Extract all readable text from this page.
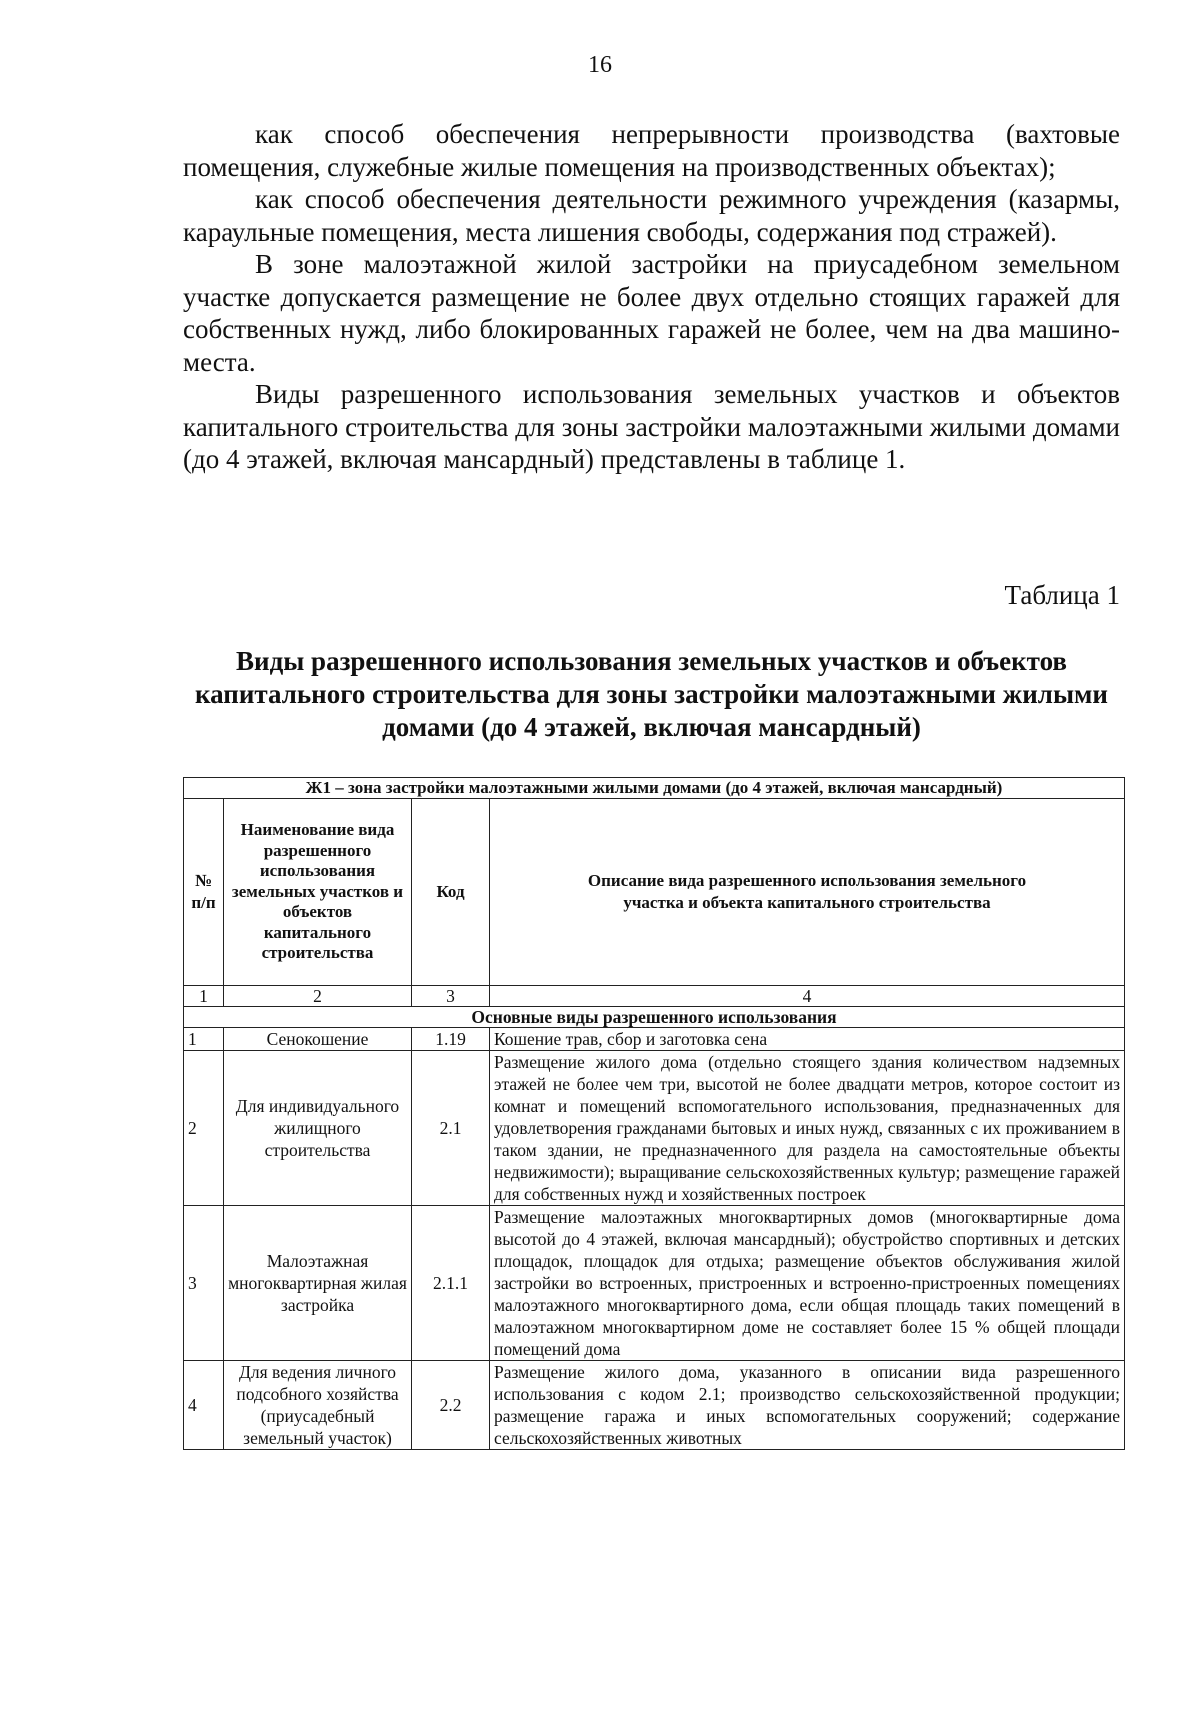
16

как способ обеспечения непрерывности производства (вахтовые помещения, служебные жилые помещения на производственных объектах);

как способ обеспечения деятельности режимного учреждения (казармы, караульные помещения, места лишения свободы, содержания под стражей).

В зоне малоэтажной жилой застройки на приусадебном земельном участке допускается размещение не более двух отдельно стоящих гаражей для собственных нужд, либо блокированных гаражей не более, чем на два машино-места.

Виды разрешенного использования земельных участков и объектов капитального строительства для зоны застройки малоэтажными жилыми домами (до 4 этажей, включая мансардный) представлены в таблице 1.

Таблица 1
Виды разрешенного использования земельных участков и объектов капитального строительства для зоны застройки малоэтажными жилыми домами (до 4 этажей, включая мансардный)
Ж1 – зона застройки малоэтажными жилыми домами (до 4 этажей, включая мансардный)			
№ п/п	Наименование вида разрешенного использования земельных участков и объектов капитального строительства	Код	Описание вида разрешенного использования земельного участка и объекта капитального строительства
1	2	3	4
Основные виды разрешенного использования			
1	Сенокошение	1.19	Кошение трав, сбор и заготовка сена
2	Для индивидуального жилищного строительства	2.1	Размещение жилого дома (отдельно стоящего здания количеством надземных этажей не более чем три, высотой не более двадцати метров, которое состоит из комнат и помещений вспомогательного использования, предназначенных для удовлетворения гражданами бытовых и иных нужд, связанных с их проживанием в таком здании, не предназначенного для раздела на самостоятельные объекты недвижимости); выращивание сельскохозяйственных культур; размещение гаражей для собственных нужд и хозяйственных построек
3	Малоэтажная многоквартирная жилая застройка	2.1.1	Размещение малоэтажных многоквартирных домов (многоквартирные дома высотой до 4 этажей, включая мансардный); обустройство спортивных и детских площадок, площадок для отдыха; размещение объектов обслуживания жилой застройки во встроенных, пристроенных и встроенно-пристроенных помещениях малоэтажного многоквартирного дома, если общая площадь таких помещений в малоэтажном многоквартирном доме не составляет более 15 % общей площади помещений дома
4	Для ведения личного подсобного хозяйства (приусадебный земельный участок)	2.2	Размещение жилого дома, указанного в описании вида разрешенного использования с кодом 2.1; производство сельскохозяйственной продукции; размещение гаража и иных вспомогательных сооружений; содержание сельскохозяйственных животных
